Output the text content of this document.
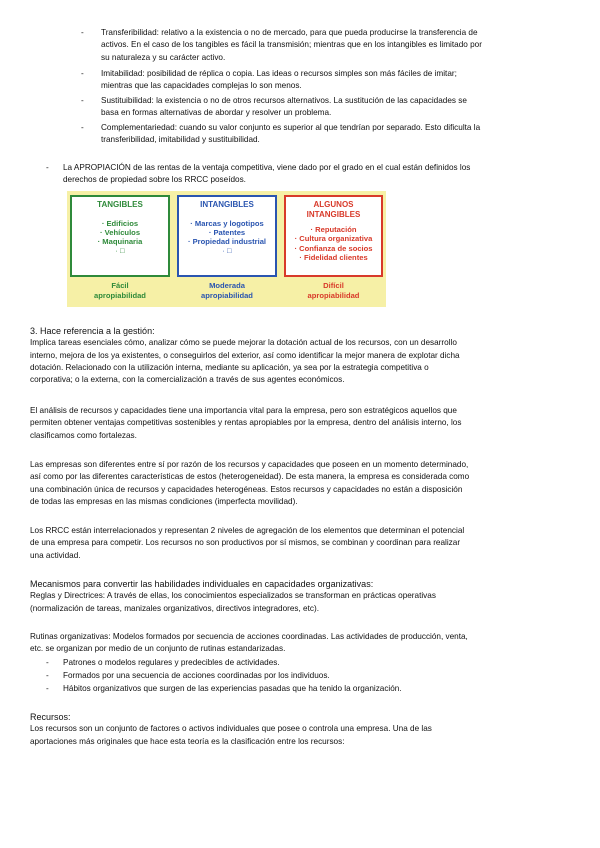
- Transferibilidad: relativo a la existencia o no de mercado, para que pueda producirse la transferencia de
activos. En el caso de los tangibles es fácil la transmisión; mientras que en los intangibles es limitado por
su naturaleza y su carácter activo.
- Imitabilidad: posibilidad de réplica o copia. Las ideas o recursos simples son más fáciles de imitar;
mientras que las capacidades complejas lo son menos.
- Sustituibilidad: la existencia o no de otros recursos alternativos. La sustitución de las capacidades se
basa en formas alternativas de abordar y resolver un problema.
- Complementariedad: cuando su valor conjunto es superior al que tendrían por separado. Esto dificulta la
transferibilidad, imitabilidad y sustituibilidad.
- La APROPIACIÓN de las rentas de la ventaja competitiva, viene dado por el grado en el cual están definidos los
derechos de propiedad sobre los RRCC poseídos.
TANGIBLES
· Edificios
· Vehículos
· Maquinaria
· □
INTANGIBLES
· Marcas y logotipos
· Patentes
· Propiedad industrial
· □
ALGUNOS
INTANGIBLES
· Reputación
· Cultura organizativa
· Confianza de socios
· Fidelidad clientes
Fácil
apropiabilidad
Moderada
apropiabilidad
Difícil
apropiabilidad
3. Hace referencia a la gestión:
Implica tareas esenciales cómo, analizar cómo se puede mejorar la dotación actual de los recursos, con un desarrollo
interno, mejora de los ya existentes, o conseguirlos del exterior, así como identificar la mejor manera de explotar dicha
dotación. Relacionado con la utilización interna, mediante su aplicación, ya sea por la estrategia competitiva o
corporativa; o la externa, con la comercialización a través de sus agentes económicos.
El análisis de recursos y capacidades tiene una importancia vital para la empresa, pero son estratégicos aquellos que
permiten obtener ventajas competitivas sostenibles y rentas apropiables por la empresa, dentro del análisis interno, los
clasificamos como fortalezas.
Las empresas son diferentes entre sí por razón de los recursos y capacidades que poseen en un momento determinado,
así como por las diferentes características de estos (heterogeneidad). De esta manera, la empresa es considerada como
una combinación única de recursos y capacidades heterogéneas. Estos recursos y capacidades no están a disposición
de todas las empresas en las mismas condiciones (imperfecta movilidad).
Los RRCC están interrelacionados y representan 2 niveles de agregación de los elementos que determinan el potencial
de una empresa para competir. Los recursos no son productivos por sí mismos, se combinan y coordinan para realizar
una actividad.
Mecanismos para convertir las habilidades individuales en capacidades organizativas:
Reglas y Directrices: A través de ellas, los conocimientos especializados se transforman en prácticas operativas
(normalización de tareas, manizales organizativos, directivos integradores, etc).
Rutinas organizativas: Modelos formados por secuencia de acciones coordinadas. Las actividades de producción, venta,
etc. se organizan por medio de un conjunto de rutinas estandarizadas.
- Patrones o modelos regulares y predecibles de actividades.
- Formados por una secuencia de acciones coordinadas por los individuos.
- Hábitos organizativos que surgen de las experiencias pasadas que ha tenido la organización.
Recursos:
Los recursos son un conjunto de factores o activos individuales que posee o controla una empresa. Una de las
aportaciones más originales que hace esta teoría es la clasificación entre los recursos:
